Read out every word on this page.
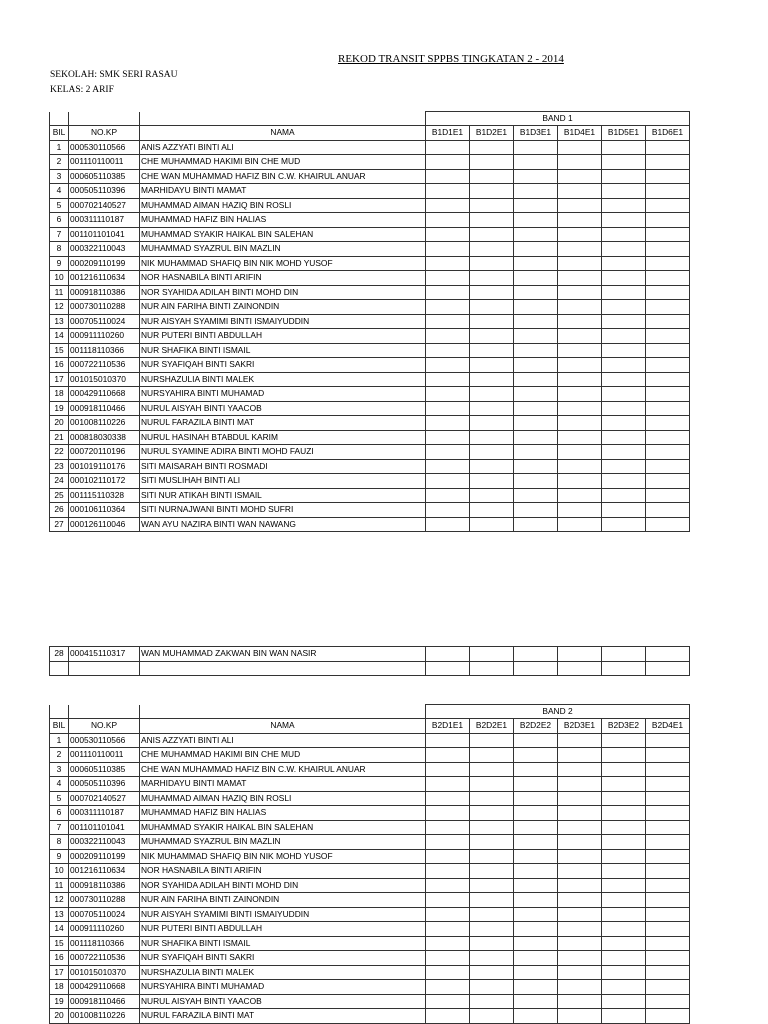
REKOD TRANSIT SPPBS TINGKATAN 2 - 2014
SEKOLAH: SMK SERI RASAU
KELAS: 2 ARIF
			BAND 1					
BIL	NO.KP	NAMA	B1D1E1	B1D2E1	B1D3E1	B1D4E1	B1D5E1	B1D6E1
1	000530110566	ANIS AZZYATI BINTI ALI						
2	001110110011	CHE MUHAMMAD HAKIMI BIN CHE MUD						
3	000605110385	CHE WAN MUHAMMAD HAFIZ BIN C.W. KHAIRUL ANUAR						
4	000505110396	MARHIDAYU BINTI MAMAT						
5	000702140527	MUHAMMAD AIMAN HAZIQ BIN ROSLI						
6	000311110187	MUHAMMAD HAFIZ BIN HALIAS						
7	001101101041	MUHAMMAD SYAKIR HAIKAL BIN SALEHAN						
8	000322110043	MUHAMMAD SYAZRUL BIN MAZLIN						
9	000209110199	NIK MUHAMMAD SHAFIQ BIN NIK MOHD YUSOF						
10	001216110634	NOR HASNABILA BINTI ARIFIN						
11	000918110386	NOR SYAHIDA ADILAH BINTI MOHD DIN						
12	000730110288	NUR AIN FARIHA BINTI ZAINONDIN						
13	000705110024	NUR AISYAH SYAMIMI BINTI ISMAIYUDDIN						
14	000911110260	NUR PUTERI BINTI ABDULLAH						
15	001118110366	NUR SHAFIKA BINTI ISMAIL						
16	000722110536	NUR SYAFIQAH BINTI SAKRI						
17	001015010370	NURSHAZULIA BINTI MALEK						
18	000429110668	NURSYAHIRA BINTI MUHAMAD						
19	000918110466	NURUL AISYAH BINTI YAACOB						
20	001008110226	NURUL FARAZILA BINTI MAT						
21	000818030338	NURUL HASINAH BTABDUL KARIM						
22	000720110196	NURUL SYAMINE ADIRA BINTI MOHD FAUZI						
23	001019110176	SITI MAISARAH BINTI ROSMADI						
24	000102110172	SITI MUSLIHAH BINTI ALI						
25	001115110328	SITI NUR ATIKAH BINTI ISMAIL						
26	000106110364	SITI NURNAJWANI BINTI MOHD SUFRI						
27	000126110046	WAN AYU NAZIRA BINTI WAN NAWANG						
28	000415110317	WAN MUHAMMAD ZAKWAN BIN WAN NASIR						

			BAND 2					
BIL	NO.KP	NAMA	B2D1E1	B2D2E1	B2D2E2	B2D3E1	B2D3E2	B2D4E1
1	000530110566	ANIS AZZYATI BINTI ALI						
2	001110110011	CHE MUHAMMAD HAKIMI BIN CHE MUD						
3	000605110385	CHE WAN MUHAMMAD HAFIZ BIN C.W. KHAIRUL ANUAR						
4	000505110396	MARHIDAYU BINTI MAMAT						
5	000702140527	MUHAMMAD AIMAN HAZIQ BIN ROSLI						
6	000311110187	MUHAMMAD HAFIZ BIN HALIAS						
7	001101101041	MUHAMMAD SYAKIR HAIKAL BIN SALEHAN						
8	000322110043	MUHAMMAD SYAZRUL BIN MAZLIN						
9	000209110199	NIK MUHAMMAD SHAFIQ BIN NIK MOHD YUSOF						
10	001216110634	NOR HASNABILA BINTI ARIFIN						
11	000918110386	NOR SYAHIDA ADILAH BINTI MOHD DIN						
12	000730110288	NUR AIN FARIHA BINTI ZAINONDIN						
13	000705110024	NUR AISYAH SYAMIMI BINTI ISMAIYUDDIN						
14	000911110260	NUR PUTERI BINTI ABDULLAH						
15	001118110366	NUR SHAFIKA BINTI ISMAIL						
16	000722110536	NUR SYAFIQAH BINTI SAKRI						
17	001015010370	NURSHAZULIA BINTI MALEK						
18	000429110668	NURSYAHIRA BINTI MUHAMAD						
19	000918110466	NURUL AISYAH BINTI YAACOB						
20	001008110226	NURUL FARAZILA BINTI MAT						
